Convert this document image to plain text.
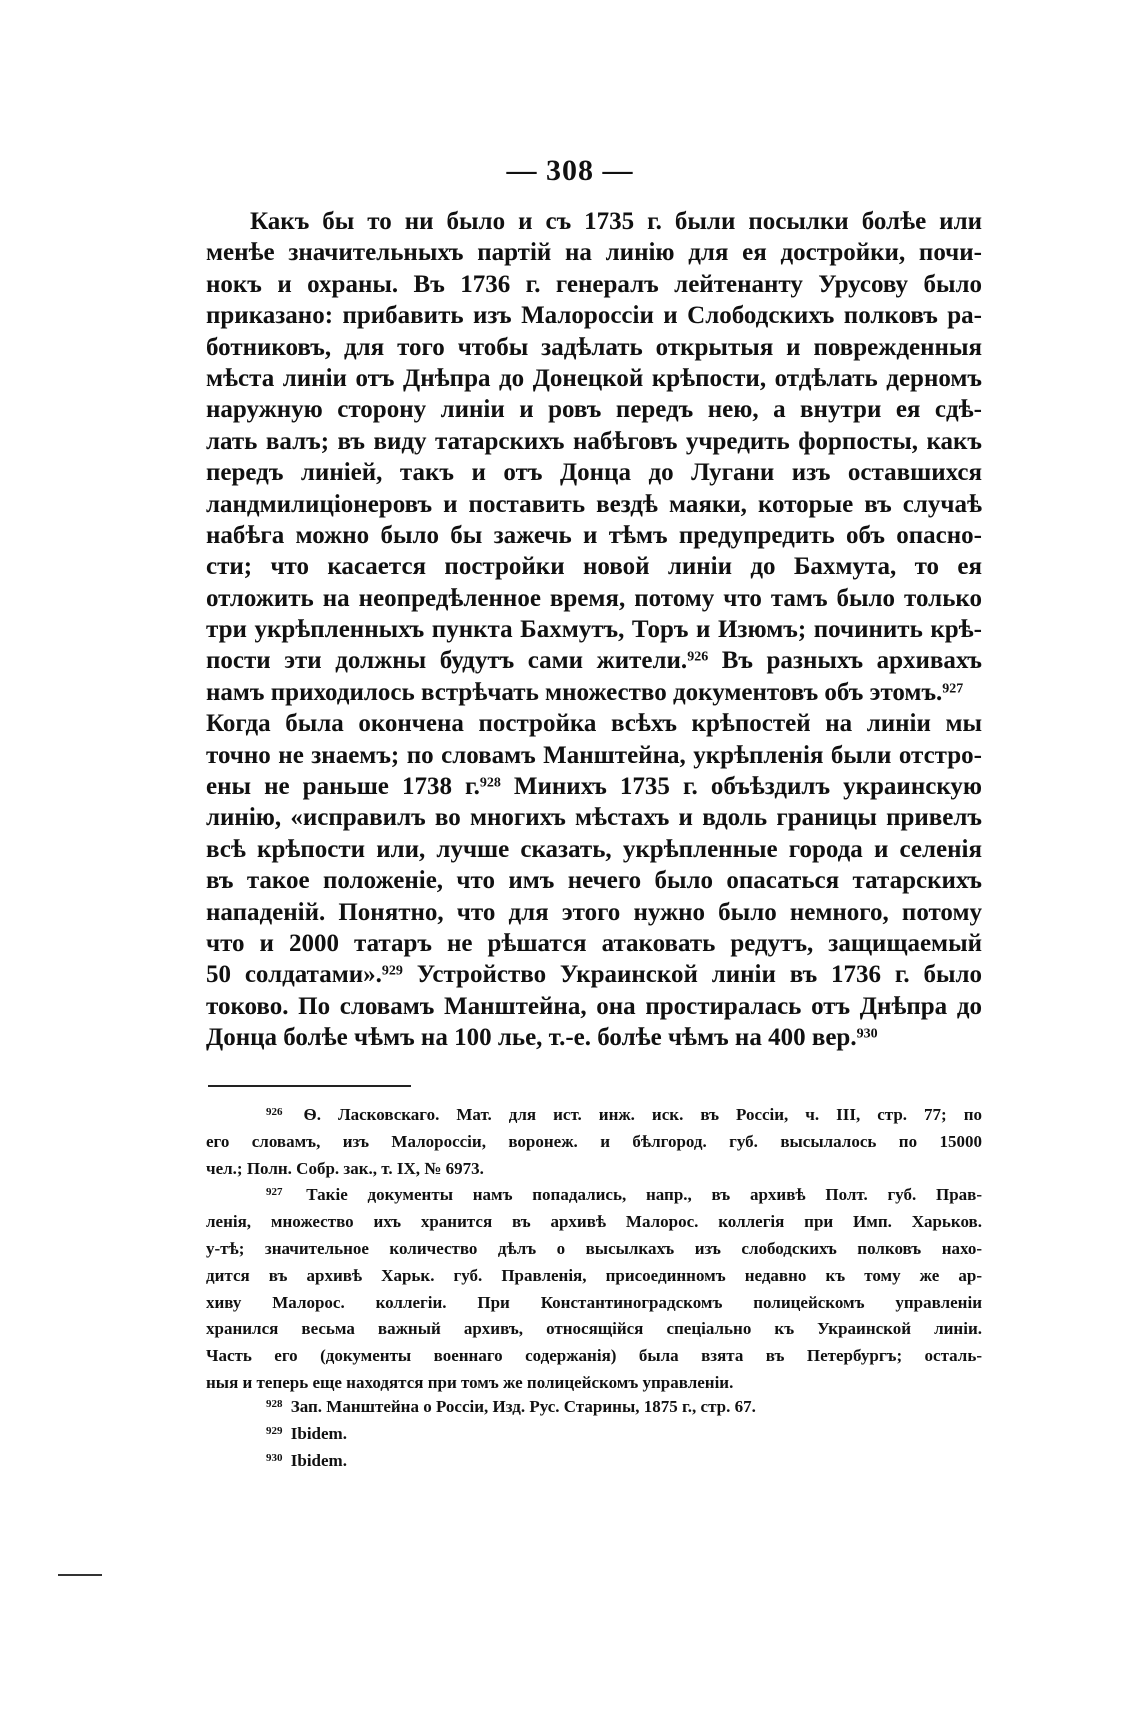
— 308 —
Какъ бы то ни было и съ 1735 г. были посылки болѣе или
менѣе значительныхъ партій на линію для ея достройки, почи-
нокъ и охраны. Въ 1736 г. генералъ лейтенанту Урусову было
приказано: прибавить изъ Малороссіи и Слободскихъ полковъ ра-
ботниковъ, для того чтобы задѣлать открытыя и поврежденныя
мѣста линіи отъ Днѣпра до Донецкой крѣпости, отдѣлать дерномъ
наружную сторону линіи и ровъ передъ нею, а внутри ея сдѣ-
лать валъ; въ виду татарскихъ набѣговъ учредить форпосты, какъ
передъ линіей, такъ и отъ Донца до Лугани изъ оставшихся
ландмилиціонеровъ и поставить вездѣ маяки, которые въ случаѣ
набѣга можно было бы зажечь и тѣмъ предупредить объ опасно-
сти; что касается постройки новой линіи до Бахмута, то ея
отложить на неопредѣленное время, потому что тамъ было только
три укрѣпленныхъ пункта Бахмутъ, Торъ и Изюмъ; починить крѣ-
пости эти должны будутъ сами жители.$^{926}$ Въ разныхъ архивахъ
намъ приходилось встрѣчать множество документовъ объ этомъ.$^{927}$
Когда была окончена постройка всѣхъ крѣпостей на линіи мы
точно не знаемъ; по словамъ Манштейна, укрѣпленія были отстро-
ены не раньше 1738 г.$^{928}$ Минихъ 1735 г. объѣздилъ украинскую
линію, «исправилъ во многихъ мѣстахъ и вдоль границы привелъ
всѣ крѣпости или, лучше сказать, укрѣпленные города и селенія
въ такое положеніе, что имъ нечего было опасаться татарскихъ
нападеній. Понятно, что для этого нужно было немного, потому
что и 2000 татаръ не рѣшатся атаковать редутъ, защищаемый
50 солдатами».$^{929}$ Устройство Украинской линіи въ 1736 г. было
токово. По словамъ Манштейна, она простиралась отъ Днѣпра до
Донца болѣе чѣмъ на 100 лье, т.-е. болѣе чѣмъ на 400 вер.$^{930}$
$^{926}$ Ѳ. Ласковскаго. Мат. для ист. инж. иск. въ Россіи, ч. III, стр. 77; по
его словамъ, изъ Малороссіи, воронеж. и бѣлгород. губ. высылалось по 15000
чел.; Полн. Собр. зак., т. IX, № 6973.
$^{927}$ Такіе документы намъ попадались, напр., въ архивѣ Полт. губ. Прав-
ленія, множество ихъ хранится въ архивѣ Малорос. коллегія при Имп. Харьков.
у-тѣ; значительное количество дѣлъ о высылкахъ изъ слободскихъ полковъ нахо-
дится въ архивѣ Харьк. губ. Правленія, присоединномъ недавно къ тому же ар-
хиву Малорос. коллегіи. При Константиноградскомъ полицейскомъ управленіи
хранился весьма важный архивъ, относящійся спеціально къ Украинской линіи.
Часть его (документы военнаго содержанія) была взята въ Петербургъ; осталь-
ныя и теперь еще находятся при томъ же полицейскомъ управленіи.
$^{928}$ Зап. Манштейна о Россіи, Изд. Рус. Старины, 1875 г., стр. 67.
$^{929}$ Ibidem.
$^{930}$ Ibidem.
